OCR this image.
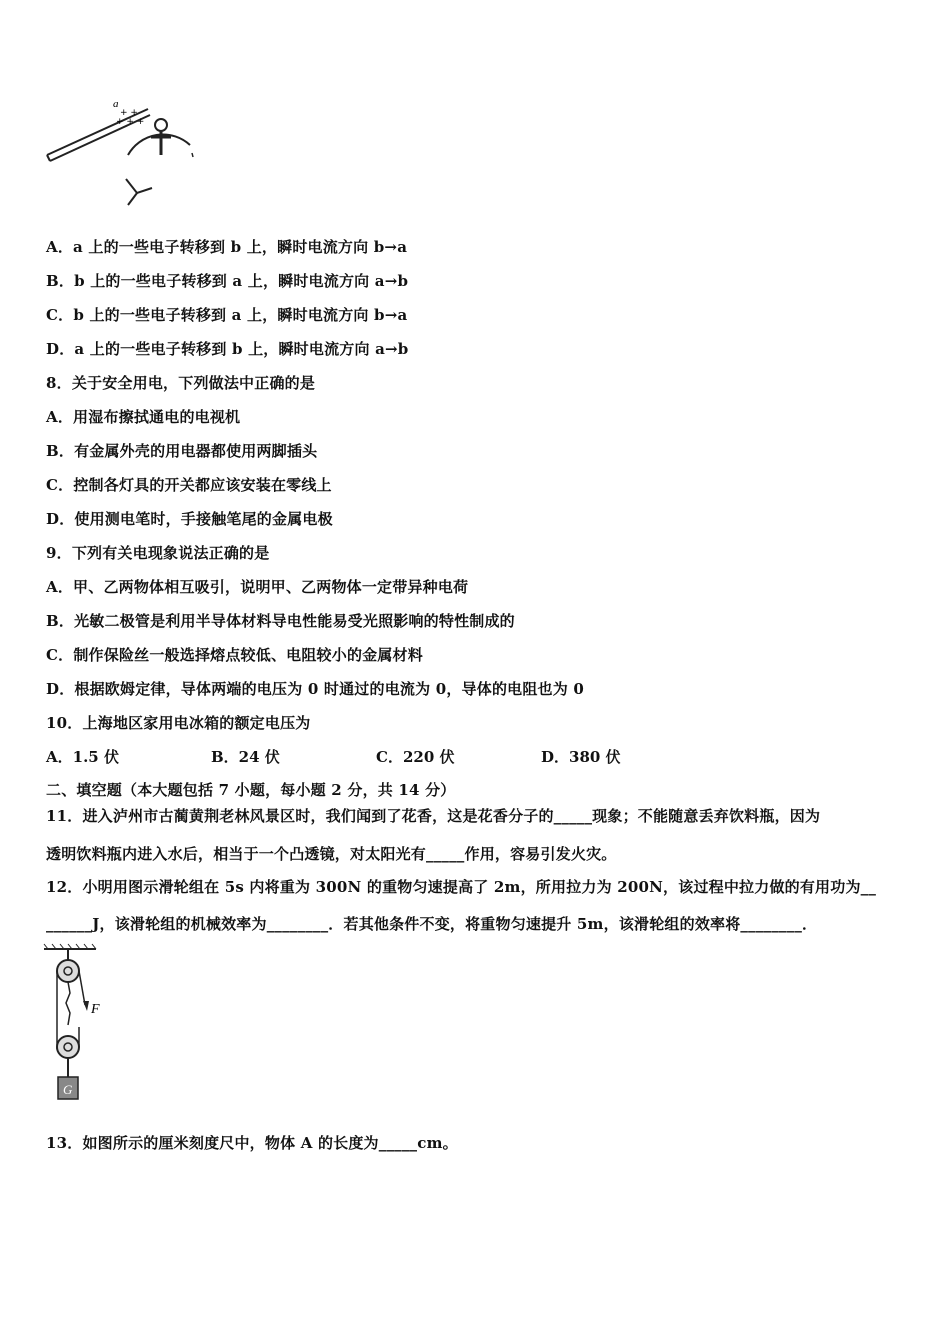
a
+ +
+ + +
A．a 上的一些电子转移到 b 上，瞬时电流方向 b→a
B．b 上的一些电子转移到 a 上，瞬时电流方向 a→b
C．b 上的一些电子转移到 a 上，瞬时电流方向 b→a
D．a 上的一些电子转移到 b 上，瞬时电流方向 a→b
8．关于安全用电，下列做法中正确的是
A．用湿布擦拭通电的电视机
B．有金属外壳的用电器都使用两脚插头
C．控制各灯具的开关都应该安装在零线上
D．使用测电笔时，手接触笔尾的金属电极
9．下列有关电现象说法正确的是
A．甲、乙两物体相互吸引，说明甲、乙两物体一定带异种电荷
B．光敏二极管是利用半导体材料导电性能易受光照影响的特性制成的
C．制作保险丝一般选择熔点较低、电阻较小的金属材料
D．根据欧姆定律，导体两端的电压为 0 时通过的电流为 0，导体的电阻也为 0
10．上海地区家用电冰箱的额定电压为
A．1.5 伏	B．24 伏	C．220 伏	D．380 伏
二、填空题（本大题包括 7 小题，每小题 2 分，共 14 分）
11．进入泸州市古蔺黄荆老林风景区时，我们闻到了花香，这是花香分子的_____现象；不能随意丢弃饮料瓶，因为
透明饮料瓶内进入水后，相当于一个凸透镜，对太阳光有_____作用，容易引发火灾。
12．小明用图示滑轮组在 5s 内将重为 300N 的重物匀速提高了 2m，所用拉力为 200N，该过程中拉力做的有用功为__
______J，该滑轮组的机械效率为________．若其他条件不变，将重物匀速提升 5m，该滑轮组的效率将________．
F
G
13．如图所示的厘米刻度尺中，物体 A 的长度为_____cm。
